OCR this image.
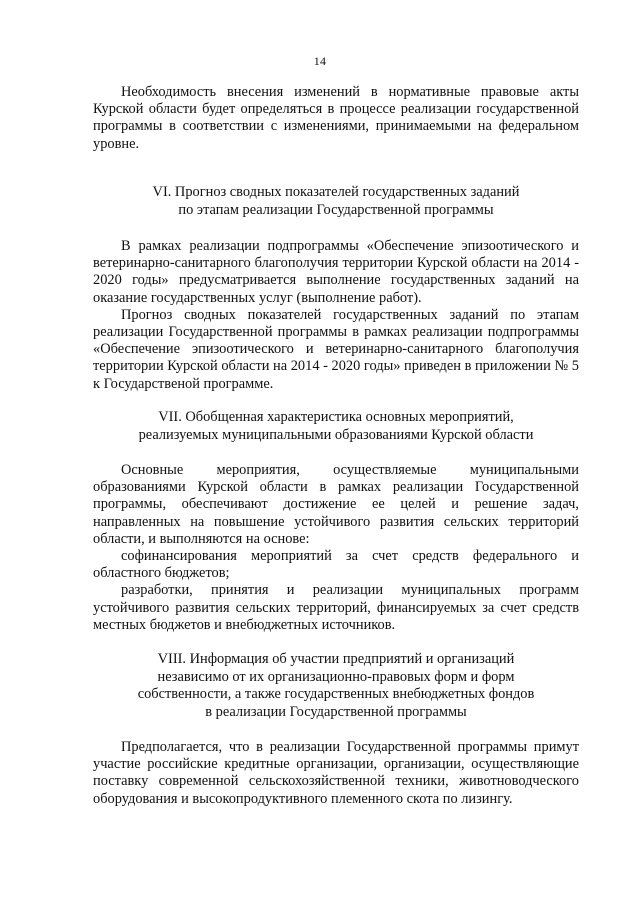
14

Необходимость внесения изменений в нормативные правовые акты Курской области будет определяться в процессе реализации государственной программы в соответствии с изменениями, принимаемыми на федеральном уровне.

VI. Прогноз сводных показателей государственных заданий
по этапам реализации Государственной программы

В рамках реализации подпрограммы «Обеспечение эпизоотического и ветеринарно-санитарного благополучия территории Курской области на 2014 - 2020 годы» предусматривается выполнение государственных заданий на оказание государственных услуг (выполнение работ).

Прогноз сводных показателей государственных заданий по этапам реализации Государственной программы в рамках реализации подпрограммы «Обеспечение эпизоотического и ветеринарно-санитарного благополучия территории Курской области на 2014 - 2020 годы» приведен в приложении № 5 к Государственой программе.

VII. Обобщенная характеристика основных мероприятий,
реализуемых муниципальными образованиями Курской области

Основные мероприятия, осуществляемые муниципальными образованиями Курской области в рамках реализации Государственной программы, обеспечивают достижение ее целей и решение задач, направленных на повышение устойчивого развития сельских территорий области, и выполняются на основе:

софинансирования мероприятий за счет средств федерального и областного бюджетов;

разработки, принятия и реализации муниципальных программ устойчивого развития сельских территорий, финансируемых за счет средств местных бюджетов и внебюджетных источников.

VIII. Информация об участии предприятий и организаций
независимо от их организационно-правовых форм и форм
собственности, а также государственных внебюджетных фондов
в реализации Государственной программы

Предполагается, что в реализации Государственной программы примут участие российские кредитные организации, организации, осуществляющие поставку современной сельскохозяйственной техники, животноводческого оборудования и высокопродуктивного племенного скота по лизингу.
